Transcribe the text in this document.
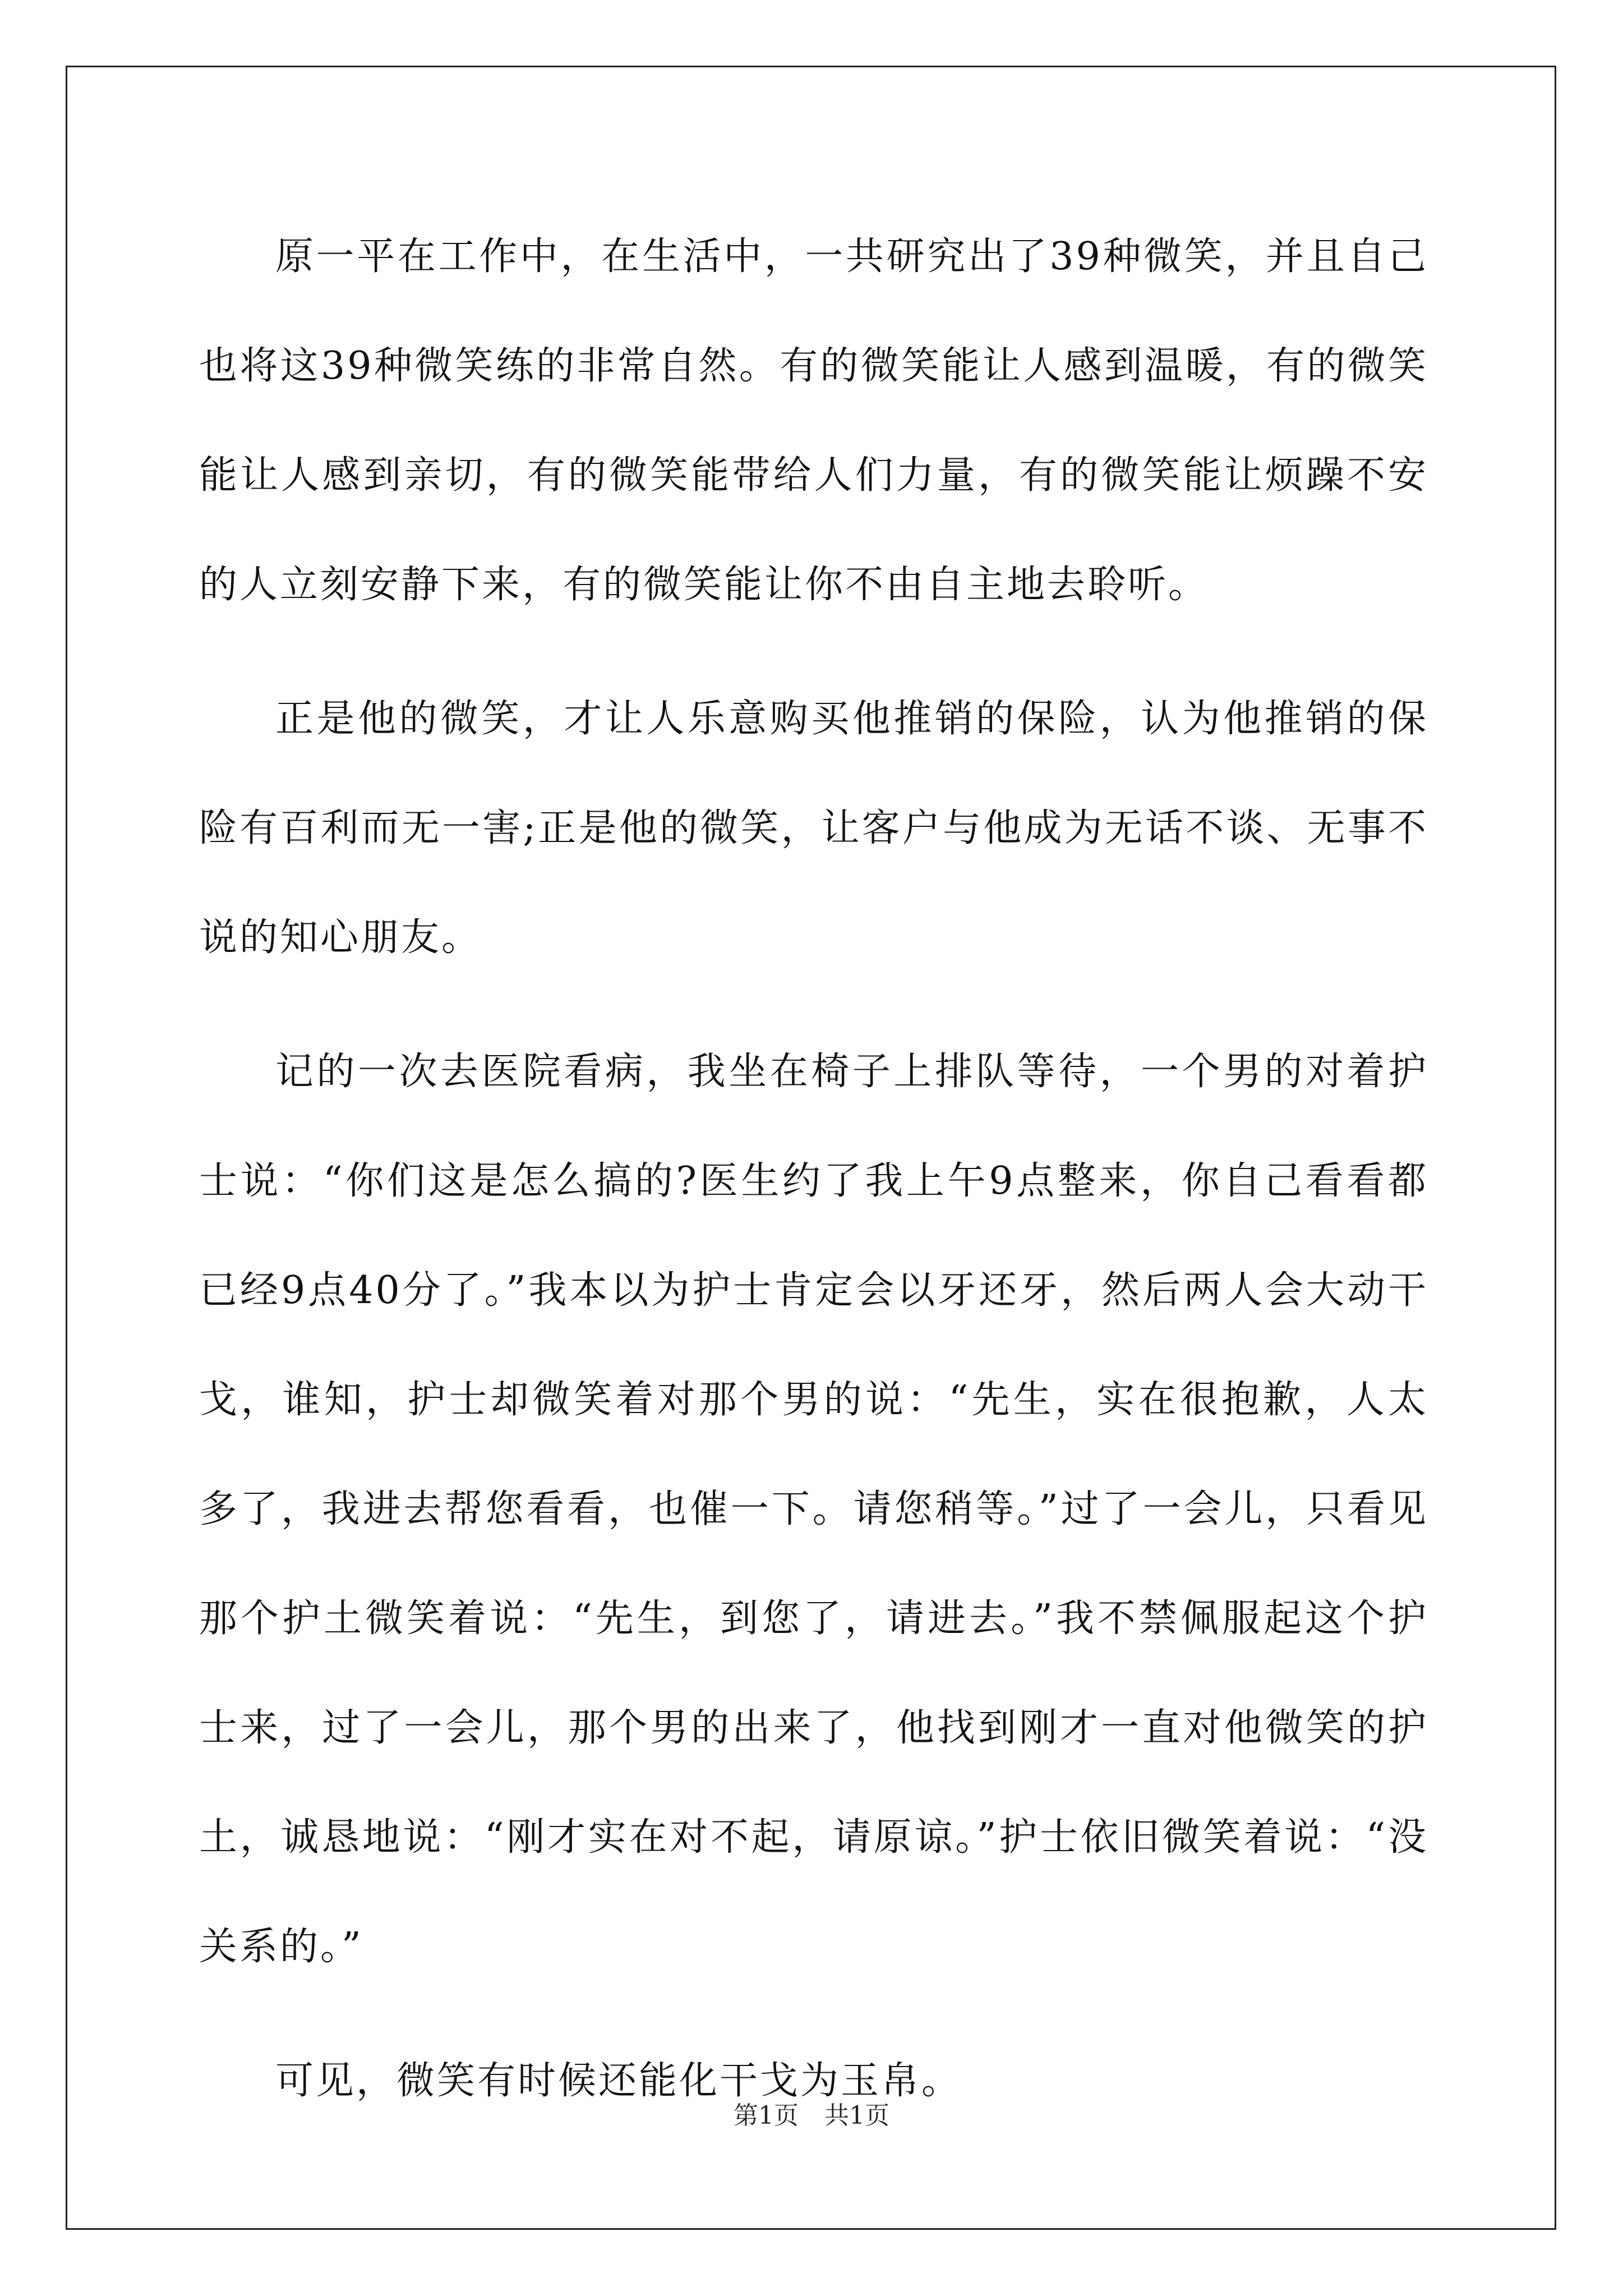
原一平在工作中，在生活中，一共研究出了39种微笑，并且自己也将这39种微笑练的非常自然。有的微笑能让人感到温暖，有的微笑能让人感到亲切，有的微笑能带给人们力量，有的微笑能让烦躁不安的人立刻安静下来，有的微笑能让你不由自主地去聆听。

正是他的微笑，才让人乐意购买他推销的保险，认为他推销的保险有百利而无一害;正是他的微笑，让客户与他成为无话不谈、无事不说的知心朋友。

记的一次去医院看病，我坐在椅子上排队等待，一个男的对着护士说：“你们这是怎么搞的?医生约了我上午9点整来，你自己看看都已经9点40分了。”我本以为护士肯定会以牙还牙，然后两人会大动干戈，谁知，护士却微笑着对那个男的说：“先生，实在很抱歉，人太多了，我进去帮您看看，也催一下。请您稍等。”过了一会儿，只看见那个护土微笑着说：“先生，到您了，请进去。”我不禁佩服起这个护士来，过了一会儿，那个男的出来了，他找到刚才一直对他微笑的护土，诚恳地说：“刚才实在对不起，请原谅。”护士依旧微笑着说：“没关系的。”

可见，微笑有时候还能化干戈为玉帛。

第1页 共1页
